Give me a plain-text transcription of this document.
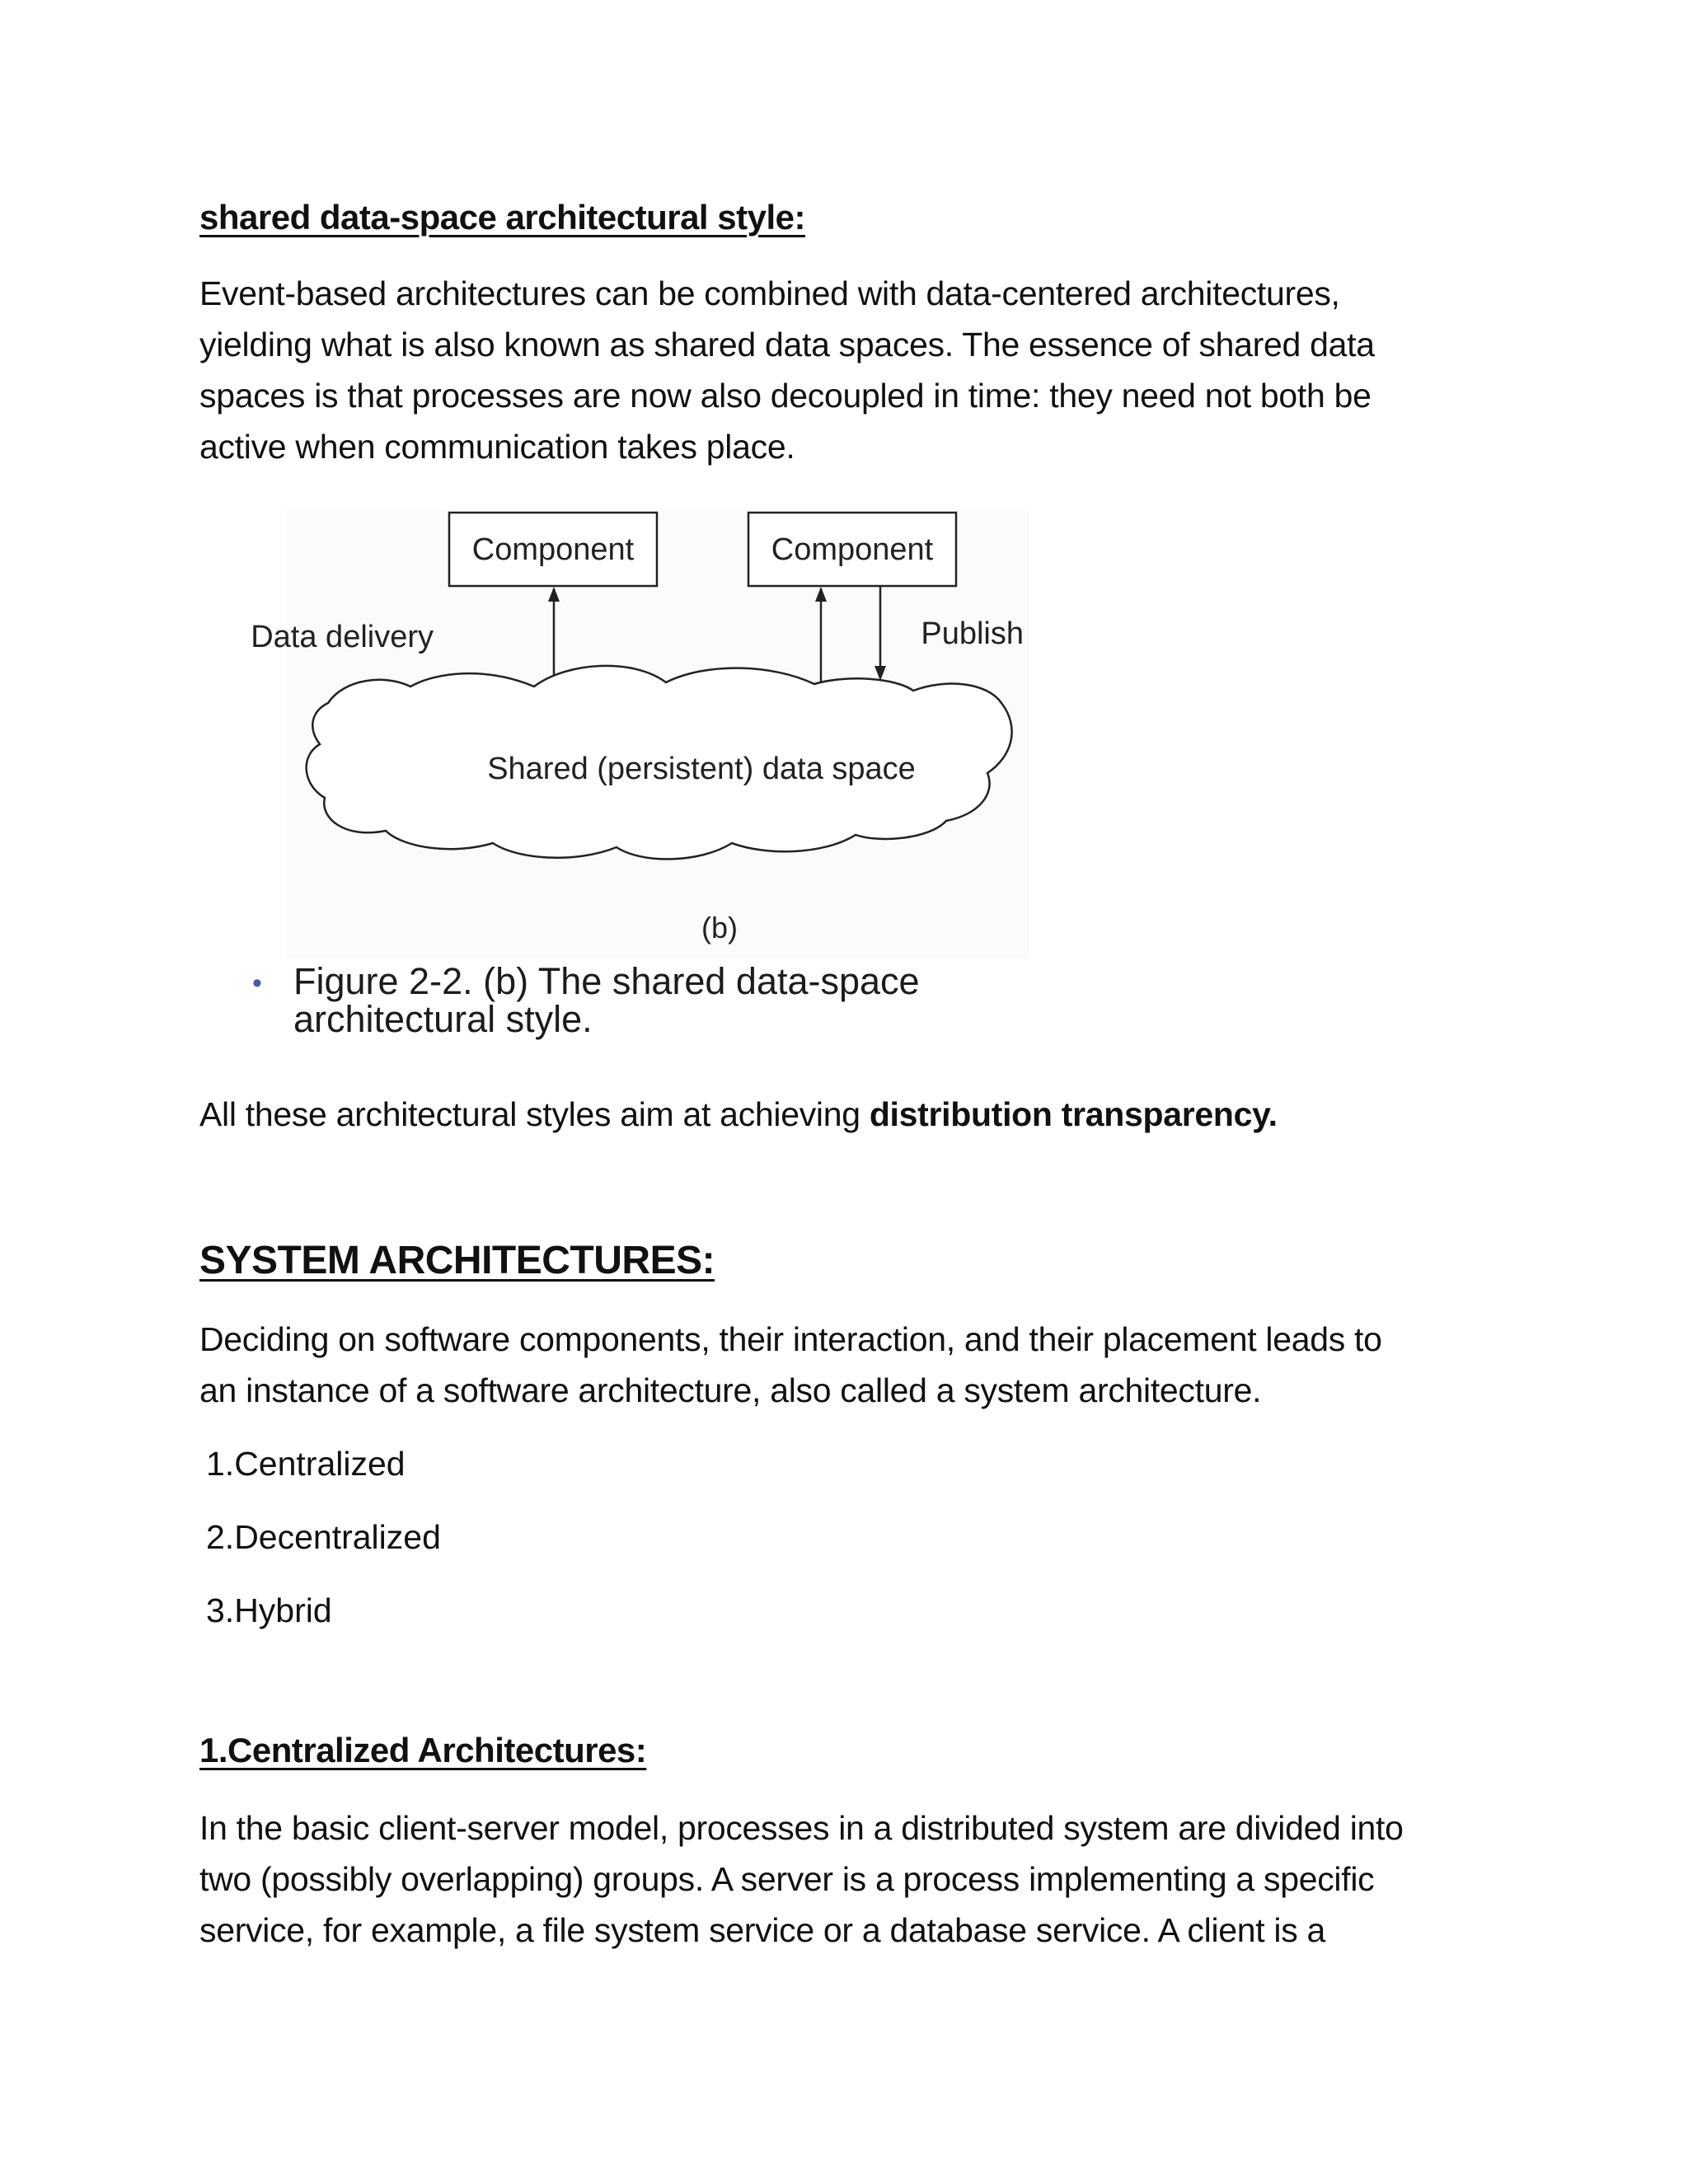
shared data-space architectural style:

Event-based architectures can be combined with data-centered architectures,
yielding what is also known as shared data spaces. The essence of shared data
spaces is that processes are now also decoupled in time: they need not both be
active when communication takes place.

Component	Component
Data delivery	Publish
Shared (persistent) data space
(b)
• Figure 2-2. (b) The shared data-space
architectural style.

All these architectural styles aim at achieving distribution transparency.

SYSTEM ARCHITECTURES:

Deciding on software components, their interaction, and their placement leads to
an instance of a software architecture, also called a system architecture.

1.Centralized

2.Decentralized

3.Hybrid

1.Centralized Architectures:

In the basic client-server model, processes in a distributed system are divided into
two (possibly overlapping) groups. A server is a process implementing a specific
service, for example, a file system service or a database service. A client is a
